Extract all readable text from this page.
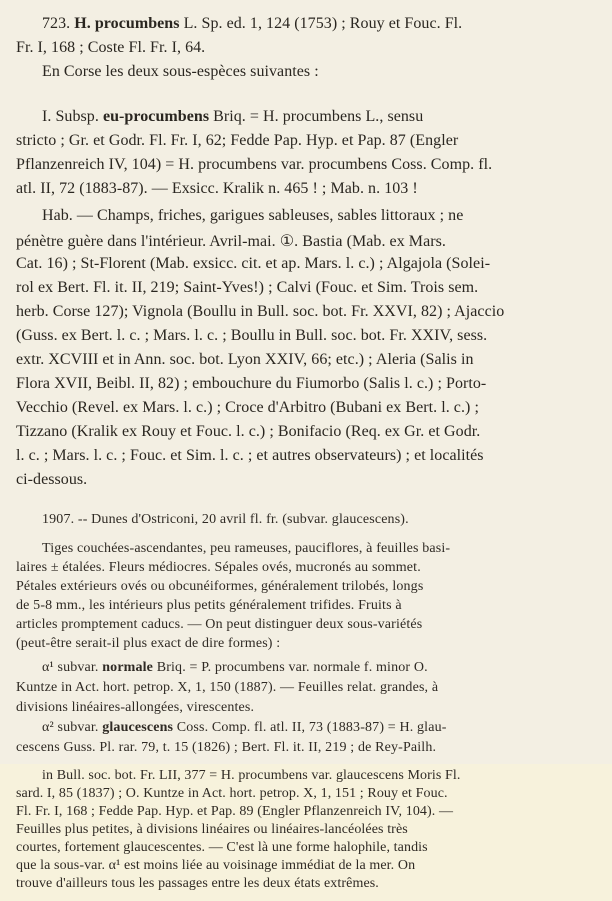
723. H. procumbens L. Sp. ed. 1, 124 (1753) ; Rouy et Fouc. Fl.
Fr. I, 168 ; Coste Fl. Fr. I, 64.
En Corse les deux sous-espèces suivantes :
I. Subsp. eu-procumbens Briq. = H. procumbens L., sensu
stricto ; Gr. et Godr. Fl. Fr. I, 62; Fedde Pap. Hyp. et Pap. 87 (Engler
Pflanzenreich IV, 104) = H. procumbens var. procumbens Coss. Comp. fl.
atl. II, 72 (1883-87). — Exsicc. Kralik n. 465 ! ; Mab. n. 103 !
Hab. — Champs, friches, garigues sableuses, sables littoraux ; ne
pénètre guère dans l'intérieur. Avril-mai. ①. Bastia (Mab. ex Mars.
Cat. 16) ; St-Florent (Mab. exsicc. cit. et ap. Mars. l. c.) ; Algajola (Solei-
rol ex Bert. Fl. it. II, 219; Saint-Yves!) ; Calvi (Fouc. et Sim. Trois sem.
herb. Corse 127); Vignola (Boullu in Bull. soc. bot. Fr. XXVI, 82) ; Ajaccio
(Guss. ex Bert. l. c. ; Mars. l. c. ; Boullu in Bull. soc. bot. Fr. XXIV, sess.
extr. XCVIII et in Ann. soc. bot. Lyon XXIV, 66; etc.) ; Aleria (Salis in
Flora XVII, Beibl. II, 82) ; embouchure du Fiumorbo (Salis l. c.) ; Porto-
Vecchio (Revel. ex Mars. l. c.) ; Croce d'Arbitro (Bubani ex Bert. l. c.) ;
Tizzano (Kralik ex Rouy et Fouc. l. c.) ; Bonifacio (Req. ex Gr. et Godr.
l. c. ; Mars. l. c. ; Fouc. et Sim. l. c. ; et autres observateurs) ; et localités
ci-dessous.
1907. -- Dunes d'Ostriconi, 20 avril fl. fr. (subvar. glaucescens).
Tiges couchées-ascendantes, peu rameuses, pauciflores, à feuilles basi-
laires ± étalées. Fleurs médiocres. Sépales ovés, mucronés au sommet.
Pétales extérieurs ovés ou obcunéiformes, généralement trilobés, longs
de 5-8 mm., les intérieurs plus petits généralement trifides. Fruits à
articles promptement caducs. — On peut distinguer deux sous-variétés
(peut-être serait-il plus exact de dire formes) :
α¹ subvar. normale Briq. = P. procumbens var. normale f. minor O.
Kuntze in Act. hort. petrop. X, 1, 150 (1887). — Feuilles relat. grandes, à
divisions linéaires-allongées, virescentes.
α² subvar. glaucescens Coss. Comp. fl. atl. II, 73 (1883-87) = H. glau-
cescens Guss. Pl. rar. 79, t. 15 (1826) ; Bert. Fl. it. II, 219 ; de Rey-Pailh.
in Bull. soc. bot. Fr. LII, 377 = H. procumbens var. glaucescens Moris Fl.
sard. I, 85 (1837) ; O. Kuntze in Act. hort. petrop. X, 1, 151 ; Rouy et Fouc.
Fl. Fr. I, 168 ; Fedde Pap. Hyp. et Pap. 89 (Engler Pflanzenreich IV, 104). —
Feuilles plus petites, à divisions linéaires ou linéaires-lancéolées très
courtes, fortement glaucescentes. — C'est là une forme halophile, tandis
que la sous-var. α¹ est moins liée au voisinage immédiat de la mer. On
trouve d'ailleurs tous les passages entre les deux états extrêmes.
